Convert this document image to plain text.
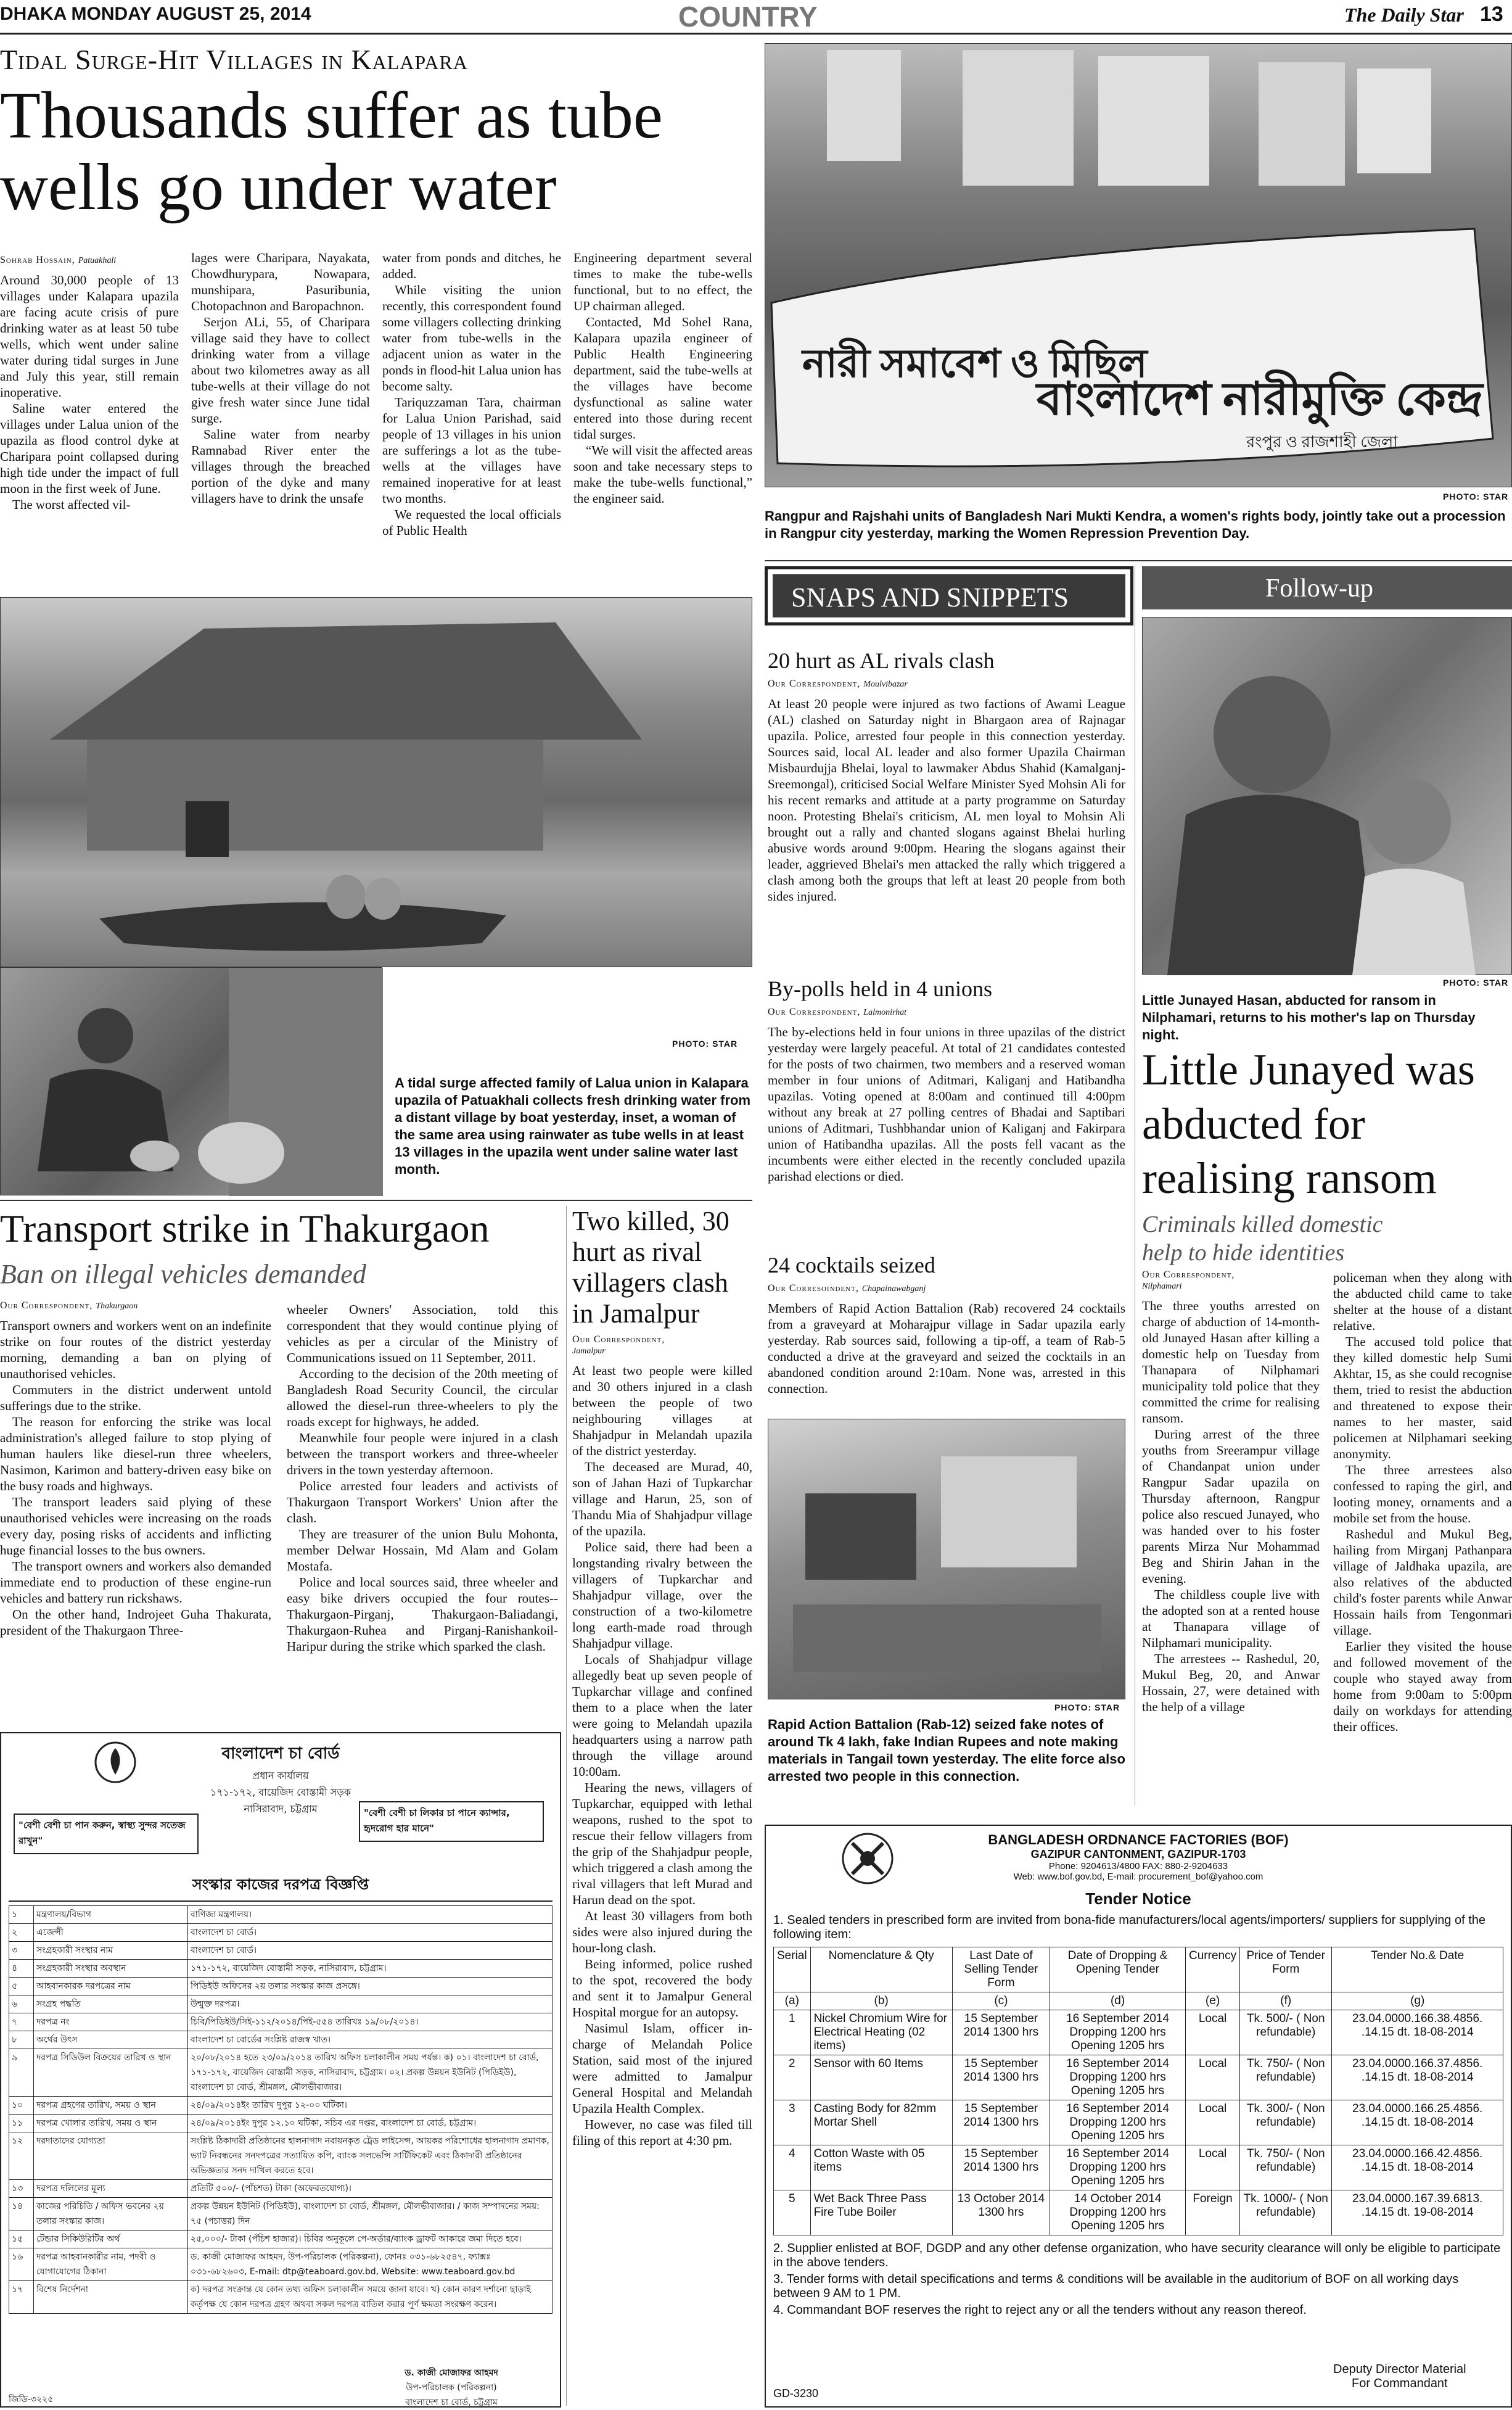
DHAKA MONDAY AUGUST 25, 2014	COUNTRY	The Daily Star 13
Tidal Surge-Hit Villages in Kalapara
Thousands suffer as tube wells go under water
Sohrab Hossain, Patuakhali

Around 30,000 people of 13 villages under Kalapara upazila are facing acute crisis of pure drinking water as at least 50 tube wells, which went under saline water during tidal surges in June and July this year, still remain inoperative.

Saline water entered the villages under Lalua union of the upazila as flood control dyke at Charipara point collapsed during high tide under the impact of full moon in the first week of June.

The worst affected vil-

lages were Charipara, Nayakata, Chowdhurypara, Nowapara, munshipara, Pasuribunia, Chotopachnon and Baropachnon.

Serjon ALi, 55, of Charipara village said they have to collect drinking water from a village about two kilometres away as all tube-wells at their village do not give fresh water since June tidal surge.

Saline water from nearby Ramnabad River enter the villages through the breached portion of the dyke and many villagers have to drink the unsafe

water from ponds and ditches, he added.

While visiting the union recently, this correspondent found some villagers collecting drinking water from tube-wells in the adjacent union as water in the ponds in flood-hit Lalua union has become salty.

Tariquzzaman Tara, chairman for Lalua Union Parishad, said people of 13 villages in his union are sufferings a lot as the tube-wells at the villages have remained inoperative for at least two months.

We requested the local officials of Public Health

Engineering department several times to make the tube-wells functional, but to no effect, the UP chairman alleged.

Contacted, Md Sohel Rana, Kalapara upazila engineer of Public Health Engineering department, said the tube-wells at the villages have become dysfunctional as saline water entered into those during recent tidal surges.

“We will visit the affected areas soon and take necessary steps to make the tube-wells functional,” the engineer said.

PHOTO: STAR
A tidal surge affected family of Lalua union in Kalapara upazila of Patuakhali collects fresh drinking water from a distant village by boat yesterday, inset, a woman of the same area using rainwater as tube wells in at least 13 villages in the upazila went under saline water last month.
নারী সমাবেশ ও মিছিল
বাংলাদেশ নারীমুক্তি কেন্দ্র
রংপুর ও রাজশাহী জেলা
PHOTO: STAR
Rangpur and Rajshahi units of Bangladesh Nari Mukti Kendra, a women's rights body, jointly take out a procession in Rangpur city yesterday, marking the Women Repression Prevention Day.
SNAPS AND SNIPPETS
20 hurt as AL rivals clash
Our Correspondent, Moulvibazar
At least 20 people were injured as two factions of Awami League (AL) clashed on Saturday night in Bhargaon area of Rajnagar upazila. Police, arrested four people in this connection yesterday. Sources said, local AL leader and also former Upazila Chairman Misbaurdujja Bhelai, loyal to lawmaker Abdus Shahid (Kamalganj-Sreemongal), criticised Social Welfare Minister Syed Mohsin Ali for his recent remarks and attitude at a party programme on Saturday noon. Protesting Bhelai's criticism, AL men loyal to Mohsin Ali brought out a rally and chanted slogans against Bhelai hurling abusive words around 9:00pm. Hearing the slogans against their leader, aggrieved Bhelai's men attacked the rally which triggered a clash among both the groups that left at least 20 people from both sides injured.
By-polls held in 4 unions
Our Correspondent, Lalmonirhat
The by-elections held in four unions in three upazilas of the district yesterday were largely peaceful. At total of 21 candidates contested for the posts of two chairmen, two members and a reserved woman member in four unions of Aditmari, Kaliganj and Hatibandha upazilas. Voting opened at 8:00am and continued till 4:00pm without any break at 27 polling centres of Bhadai and Saptibari unions of Aditmari, Tushbhandar union of Kaliganj and Fakirpara union of Hatibandha upazilas. All the posts fell vacant as the incumbents were either elected in the recently concluded upazila parishad elections or died.
24 cocktails seized
Our Corresoindent, Chapainawabganj
Members of Rapid Action Battalion (Rab) recovered 24 cocktails from a graveyard at Moharajpur village in Sadar upazila early yesterday. Rab sources said, following a tip-off, a team of Rab-5 conducted a drive at the graveyard and seized the cocktails in an abandoned condition around 2:10am. None was, arrested in this connection.
PHOTO: STAR
Rapid Action Battalion (Rab-12) seized fake notes of around Tk 4 lakh, fake Indian Rupees and note making materials in Tangail town yesterday. The elite force also arrested two people in this connection.
Follow-up
PHOTO: STAR
Little Junayed Hasan, abducted for ransom in Nilphamari, returns to his mother's lap on Thursday night.
Little Junayed was abducted for realising ransom
Criminals killed domestic help to hide identities
Our Correspondent,
Nilphamari

The three youths arrested on charge of abduction of 14-month-old Junayed Hasan after killing a domestic help on Tuesday from Thanapara of Nilphamari municipality told police that they committed the crime for realising ransom.

During arrest of the three youths from Sreerampur village of Chandanpat union under Rangpur Sadar upazila on Thursday afternoon, Rangpur police also rescued Junayed, who was handed over to his foster parents Mirza Nur Mohammad Beg and Shirin Jahan in the evening.

The childless couple live with the adopted son at a rented house at Thanapara village of Nilphamari municipality.

The arrestees -- Rashedul, 20, Mukul Beg, 20, and Anwar Hossain, 27, were detained with the help of a village

policeman when they along with the abducted child came to take shelter at the house of a distant relative.

The accused told police that they killed domestic help Sumi Akhtar, 15, as she could recognise them, tried to resist the abduction and threatened to expose their names to her master, said policemen at Nilphamari seeking anonymity.

The three arrestees also confessed to raping the girl, and looting money, ornaments and a mobile set from the house.

Rashedul and Mukul Beg, hailing from Mirganj Pathanpara village of Jaldhaka upazila, are also relatives of the abducted child's foster parents while Anwar Hossain hails from Tengonmari village.

Earlier they visited the house and followed movement of the couple who stayed away from home from 9:00am to 5:00pm daily on workdays for attending their offices.

Transport strike in Thakurgaon
Ban on illegal vehicles demanded
Our Correspondent, Thakurgaon

Transport owners and workers went on an indefinite strike on four routes of the district yesterday morning, demanding a ban on plying of unauthorised vehicles.

Commuters in the district underwent untold sufferings due to the strike.

The reason for enforcing the strike was local administration's alleged failure to stop plying of human haulers like diesel-run three wheelers, Nasimon, Karimon and battery-driven easy bike on the busy roads and highways.

The transport leaders said plying of these unauthorised vehicles were increasing on the roads every day, posing risks of accidents and inflicting huge financial losses to the bus owners.

The transport owners and workers also demanded immediate end to production of these engine-run vehicles and battery run rickshaws.

On the other hand, Indrojeet Guha Thakurata, president of the Thakurgaon Three-

wheeler Owners' Association, told this correspondent that they would continue plying of vehicles as per a circular of the Ministry of Communications issued on 11 September, 2011.

According to the decision of the 20th meeting of Bangladesh Road Security Council, the circular allowed the diesel-run three-wheelers to ply the roads except for highways, he added.

Meanwhile four people were injured in a clash between the transport workers and three-wheeler drivers in the town yesterday afternoon.

Police arrested four leaders and activists of Thakurgaon Transport Workers' Union after the clash.

They are treasurer of the union Bulu Mohonta, member Delwar Hossain, Md Alam and Golam Mostafa.

Police and local sources said, three wheeler and easy bike drivers occupied the four routes-- Thakurgaon-Pirganj, Thakurgaon-Baliadangi, Thakurgaon-Ruhea and Pirganj-Ranishankoil-Haripur during the strike which sparked the clash.

Two killed, 30 hurt as rival villagers clash in Jamalpur
Our Correspondent,
Jamalpur

At least two people were killed and 30 others injured in a clash between the people of two neighbouring villages at Shahjadpur in Melandah upazila of the district yesterday.

The deceased are Murad, 40, son of Jahan Hazi of Tupkarchar village and Harun, 25, son of Thandu Mia of Shahjadpur village of the upazila.

Police said, there had been a longstanding rivalry between the villagers of Tupkarchar and Shahjadpur village, over the construction of a two-kilometre long earth-made road through Shahjadpur village.

Locals of Shahjadpur village allegedly beat up seven people of Tupkarchar village and confined them to a place when the later were going to Melandah upazila headquarters using a narrow path through the village around 10:00am.

Hearing the news, villagers of Tupkarchar, equipped with lethal weapons, rushed to the spot to rescue their fellow villagers from the grip of the Shahjadpur people, which triggered a clash among the rival villagers that left Murad and Harun dead on the spot.

At least 30 villagers from both sides were also injured during the hour-long clash.

Being informed, police rushed to the spot, recovered the body and sent it to Jamalpur General Hospital morgue for an autopsy.

Nasimul Islam, officer in-charge of Melandah Police Station, said most of the injured were admitted to Jamalpur General Hospital and Melandah Upazila Health Complex.

However, no case was filed till filing of this report at 4:30 pm.

বাংলাদেশ চা বোর্ড
প্রধান কার্যালয়
১৭১-১৭২, বায়েজিদ বোস্তামী সড়ক
নাসিরাবাদ, চট্টগ্রাম
"বেশী বেশী চা পান করুন, স্বাস্থ্য সুন্দর সতেজ রাখুন"
"বেশী বেশী চা লিকার চা পানে ক্যান্সার, হৃদরোগ হার মানে"
সংস্কার কাজের দরপত্র বিজ্ঞপ্তি
১	মন্ত্রণালয়/বিভাগ	বাণিজ্য মন্ত্রণালয়।
২	এজেন্সী	বাংলাদেশ চা বোর্ড।
৩	সংগ্রহকারী সংস্থার নাম	বাংলাদেশ চা বোর্ড।
৪	সংগ্রহকারী সংস্থার অবস্থান	১৭১-১৭২, বায়েজিদ বোস্তামী সড়ক, নাসিরাবাদ, চট্টগ্রাম।
৫	আহবানকারক দরপত্রের নাম	পিডিইউ অফিসের ২য় তলার সংস্কার কাজ প্রসঙ্গে।
৬	সংগ্রহ পদ্ধতি	উন্মুক্ত দরপত্র।
৭	দরপত্র নং	চিবি/পিডিইউ/সিই-১১২/২০১৪/পিই-৫৫৪ তারিখঃ ১৯/০৮/২০১৪।
৮	অর্থের উৎস	বাংলাদেশ চা বোর্ডের সংশ্লিষ্ট রাজস্ব খাত।
৯	দরপত্র সিডিউল বিক্রয়ের তারিখ ও স্থান	২০/০৮/২০১৪ হতে ২৩/০৯/২০১৪ তারিখ অফিস চলাকালীন সময় পর্যন্ত। ক) ০১। বাংলাদেশ চা বোর্ড, ১৭১-১৭২, বায়েজিদ বোস্তামী সড়ক, নাসিরাবাদ, চট্টগ্রাম। ০২। প্রকল্প উন্নয়ন ইউনিট (পিডিইউ), বাংলাদেশ চা বোর্ড, শ্রীমঙ্গল, মৌলভীবাজার।
১০	দরপত্র গ্রহণের তারিখ, সময় ও স্থান	২৪/০৯/২০১৪ইং তারিখ দুপুর ১২-০০ ঘটিকা।
১১	দরপত্র খোলার তারিখ, সময় ও স্থান	২৪/০৯/২০১৪ইং দুপুর ১২.১০ ঘটিকা, সচিব এর দপ্তর, বাংলাদেশ চা বোর্ড, চট্টগ্রাম।
১২	দরদাতাদের যোগ্যতা	সংশ্লিষ্ট ঠিকাদারী প্রতিষ্ঠানের হালনাগাদ নবায়নকৃত ট্রেড লাইসেন্স, আয়কর পরিশোধের হালনাগাদ প্রমাণক, ভ্যাট নিবন্ধনের সনদপত্রের সত্যায়িত কপি, ব্যাংক সলভেন্সি সার্টিফিকেট এবং ঠিকাদারী প্রতিষ্ঠানের অভিজ্ঞতার সনদ দাখিল করতে হবে।
১৩	দরপত্র দলিলের মূল্য	প্রতিটি ৫০০/- (পাঁচশত) টাকা (অফেরতযোগ্য)।
১৪	কাজের পরিচিতি / অফিস ভবনের ২য় তলার সংস্কার কাজ।	প্রকল্প উন্নয়ন ইউনিট (পিডিইউ), বাংলাদেশ চা বোর্ড, শ্রীমঙ্গল, মৌলভীবাজার। / কাজ সম্পাদনের সময়: ৭৫ (পচাত্তর) দিন
১৫	টেন্ডার সিকিউরিটির অর্থ	২৫,০০০/- টাকা (পঁচিশ হাজার)। চিবির অনুকূলে পে-অর্ডার/ব্যাংক ড্রাফট আকারে জমা দিতে হবে।
১৬	দরপত্র আহবানকারীর নাম, পদবী ও যোগাযোগের ঠিকানা	ড. কাজী মোজাফর আহমদ, উপ-পরিচালক (পরিকল্পনা), ফোনঃ ০৩১-৬৮২৫৪৭, ফ্যাক্সঃ ০৩১-৬৮২৬০৩, E-mail: dtp@teaboard.gov.bd, Website: www.teaboard.gov.bd
১৭	বিশেষ নির্দেশনা	ক) দরপত্র সংক্রান্ত যে কোন তথ্য অফিস চলাকালীন সময়ে জানা যাবে। খ) কোন কারণ দর্শানো ছাড়াই কর্তৃপক্ষ যে কোন দরপত্র গ্রহণ অথবা সকল দরপত্র বাতিল করার পূর্ণ ক্ষমতা সংরক্ষণ করেন।
ড. কাজী মোজাফর আহমদ
উপ-পরিচালক (পরিকল্পনা)
বাংলাদেশ চা বোর্ড, চট্টগ্রাম
জিডি-৩২২৫
BANGLADESH ORDNANCE FACTORIES (BOF)
GAZIPUR CANTONMENT, GAZIPUR-1703
Phone: 9204613/4800 FAX: 880-2-9204633
Web: www.bof.gov.bd, E-mail: procurement_bof@yahoo.com
Tender Notice
1. Sealed tenders in prescribed form are invited from bona-fide manufacturers/local agents/importers/ suppliers for supplying of the following item:
Serial	Nomenclature & Qty	Last Date of Selling Tender Form	Date of Dropping & Opening Tender	Currency	Price of Tender Form	Tender No.& Date
(a)	(b)	(c)	(d)	(e)	(f)	(g)
1	Nickel Chromium Wire for Electrical Heating (02 items)	15 September 2014 1300 hrs	16 September 2014 Dropping 1200 hrs Opening 1205 hrs	Local	Tk. 500/- ( Non refundable)	23.04.0000.166.38.4856. .14.15 dt. 18-08-2014
2	Sensor with 60 Items	15 September 2014 1300 hrs	16 September 2014 Dropping 1200 hrs Opening 1205 hrs	Local	Tk. 750/- ( Non refundable)	23.04.0000.166.37.4856. .14.15 dt. 18-08-2014
3	Casting Body for 82mm Mortar Shell	15 September 2014 1300 hrs	16 September 2014 Dropping 1200 hrs Opening 1205 hrs	Local	Tk. 300/- ( Non refundable)	23.04.0000.166.25.4856. .14.15 dt. 18-08-2014
4	Cotton Waste with 05 items	15 September 2014 1300 hrs	16 September 2014 Dropping 1200 hrs Opening 1205 hrs	Local	Tk. 750/- ( Non refundable)	23.04.0000.166.42.4856. .14.15 dt. 18-08-2014
5	Wet Back Three Pass Fire Tube Boiler	13 October 2014 1300 hrs	14 October 2014 Dropping 1200 hrs Opening 1205 hrs	Foreign	Tk. 1000/- ( Non refundable)	23.04.0000.167.39.6813. .14.15 dt. 19-08-2014
2. Supplier enlisted at BOF, DGDP and any other defense organization, who have security clearance will only be eligible to participate in the above tenders.
3. Tender forms with detail specifications and terms & conditions will be available in the auditorium of BOF on all working days between 9 AM to 1 PM.
4. Commandant BOF reserves the right to reject any or all the tenders without any reason thereof.
Deputy Director Material
For Commandant
GD-3230
